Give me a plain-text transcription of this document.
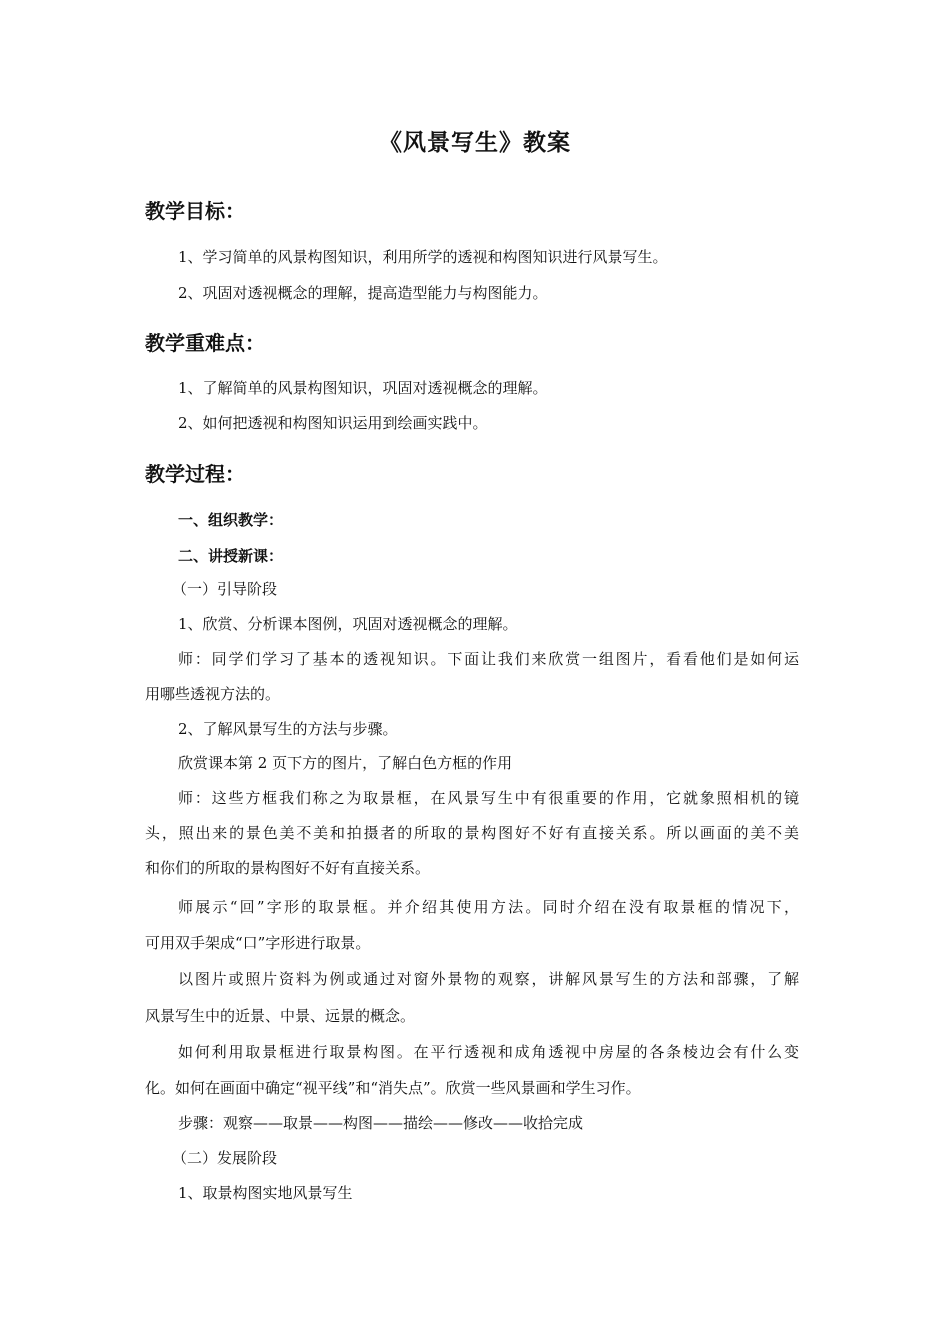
《风景写生》教案
教学目标：
1、学习简单的风景构图知识，利用所学的透视和构图知识进行风景写生。
2、巩固对透视概念的理解，提高造型能力与构图能力。
教学重难点：
1、了解简单的风景构图知识，巩固对透视概念的理解。
2、如何把透视和构图知识运用到绘画实践中。
教学过程：
一、组织教学：
二、讲授新课：
（一）引导阶段
1、欣赏、分析课本图例，巩固对透视概念的理解。
师：同学们学习了基本的透视知识。下面让我们来欣赏一组图片，看看他们是如何运
用哪些透视方法的。
2、了解风景写生的方法与步骤。
欣赏课本第 2 页下方的图片，了解白色方框的作用
师：这些方框我们称之为取景框，在风景写生中有很重要的作用，它就象照相机的镜
头，照出来的景色美不美和拍摄者的所取的景构图好不好有直接关系。所以画面的美不美
和你们的所取的景构图好不好有直接关系。
师展示“回”字形的取景框。并介绍其使用方法。同时介绍在没有取景框的情况下，
可用双手架成“口”字形进行取景。
以图片或照片资料为例或通过对窗外景物的观察，讲解风景写生的方法和部骤，了解
风景写生中的近景、中景、远景的概念。
如何利用取景框进行取景构图。在平行透视和成角透视中房屋的各条棱边会有什么变
化。如何在画面中确定“视平线”和“消失点”。欣赏一些风景画和学生习作。
步骤：观察——取景——构图——描绘——修改——收拾完成
（二）发展阶段
1、取景构图实地风景写生
